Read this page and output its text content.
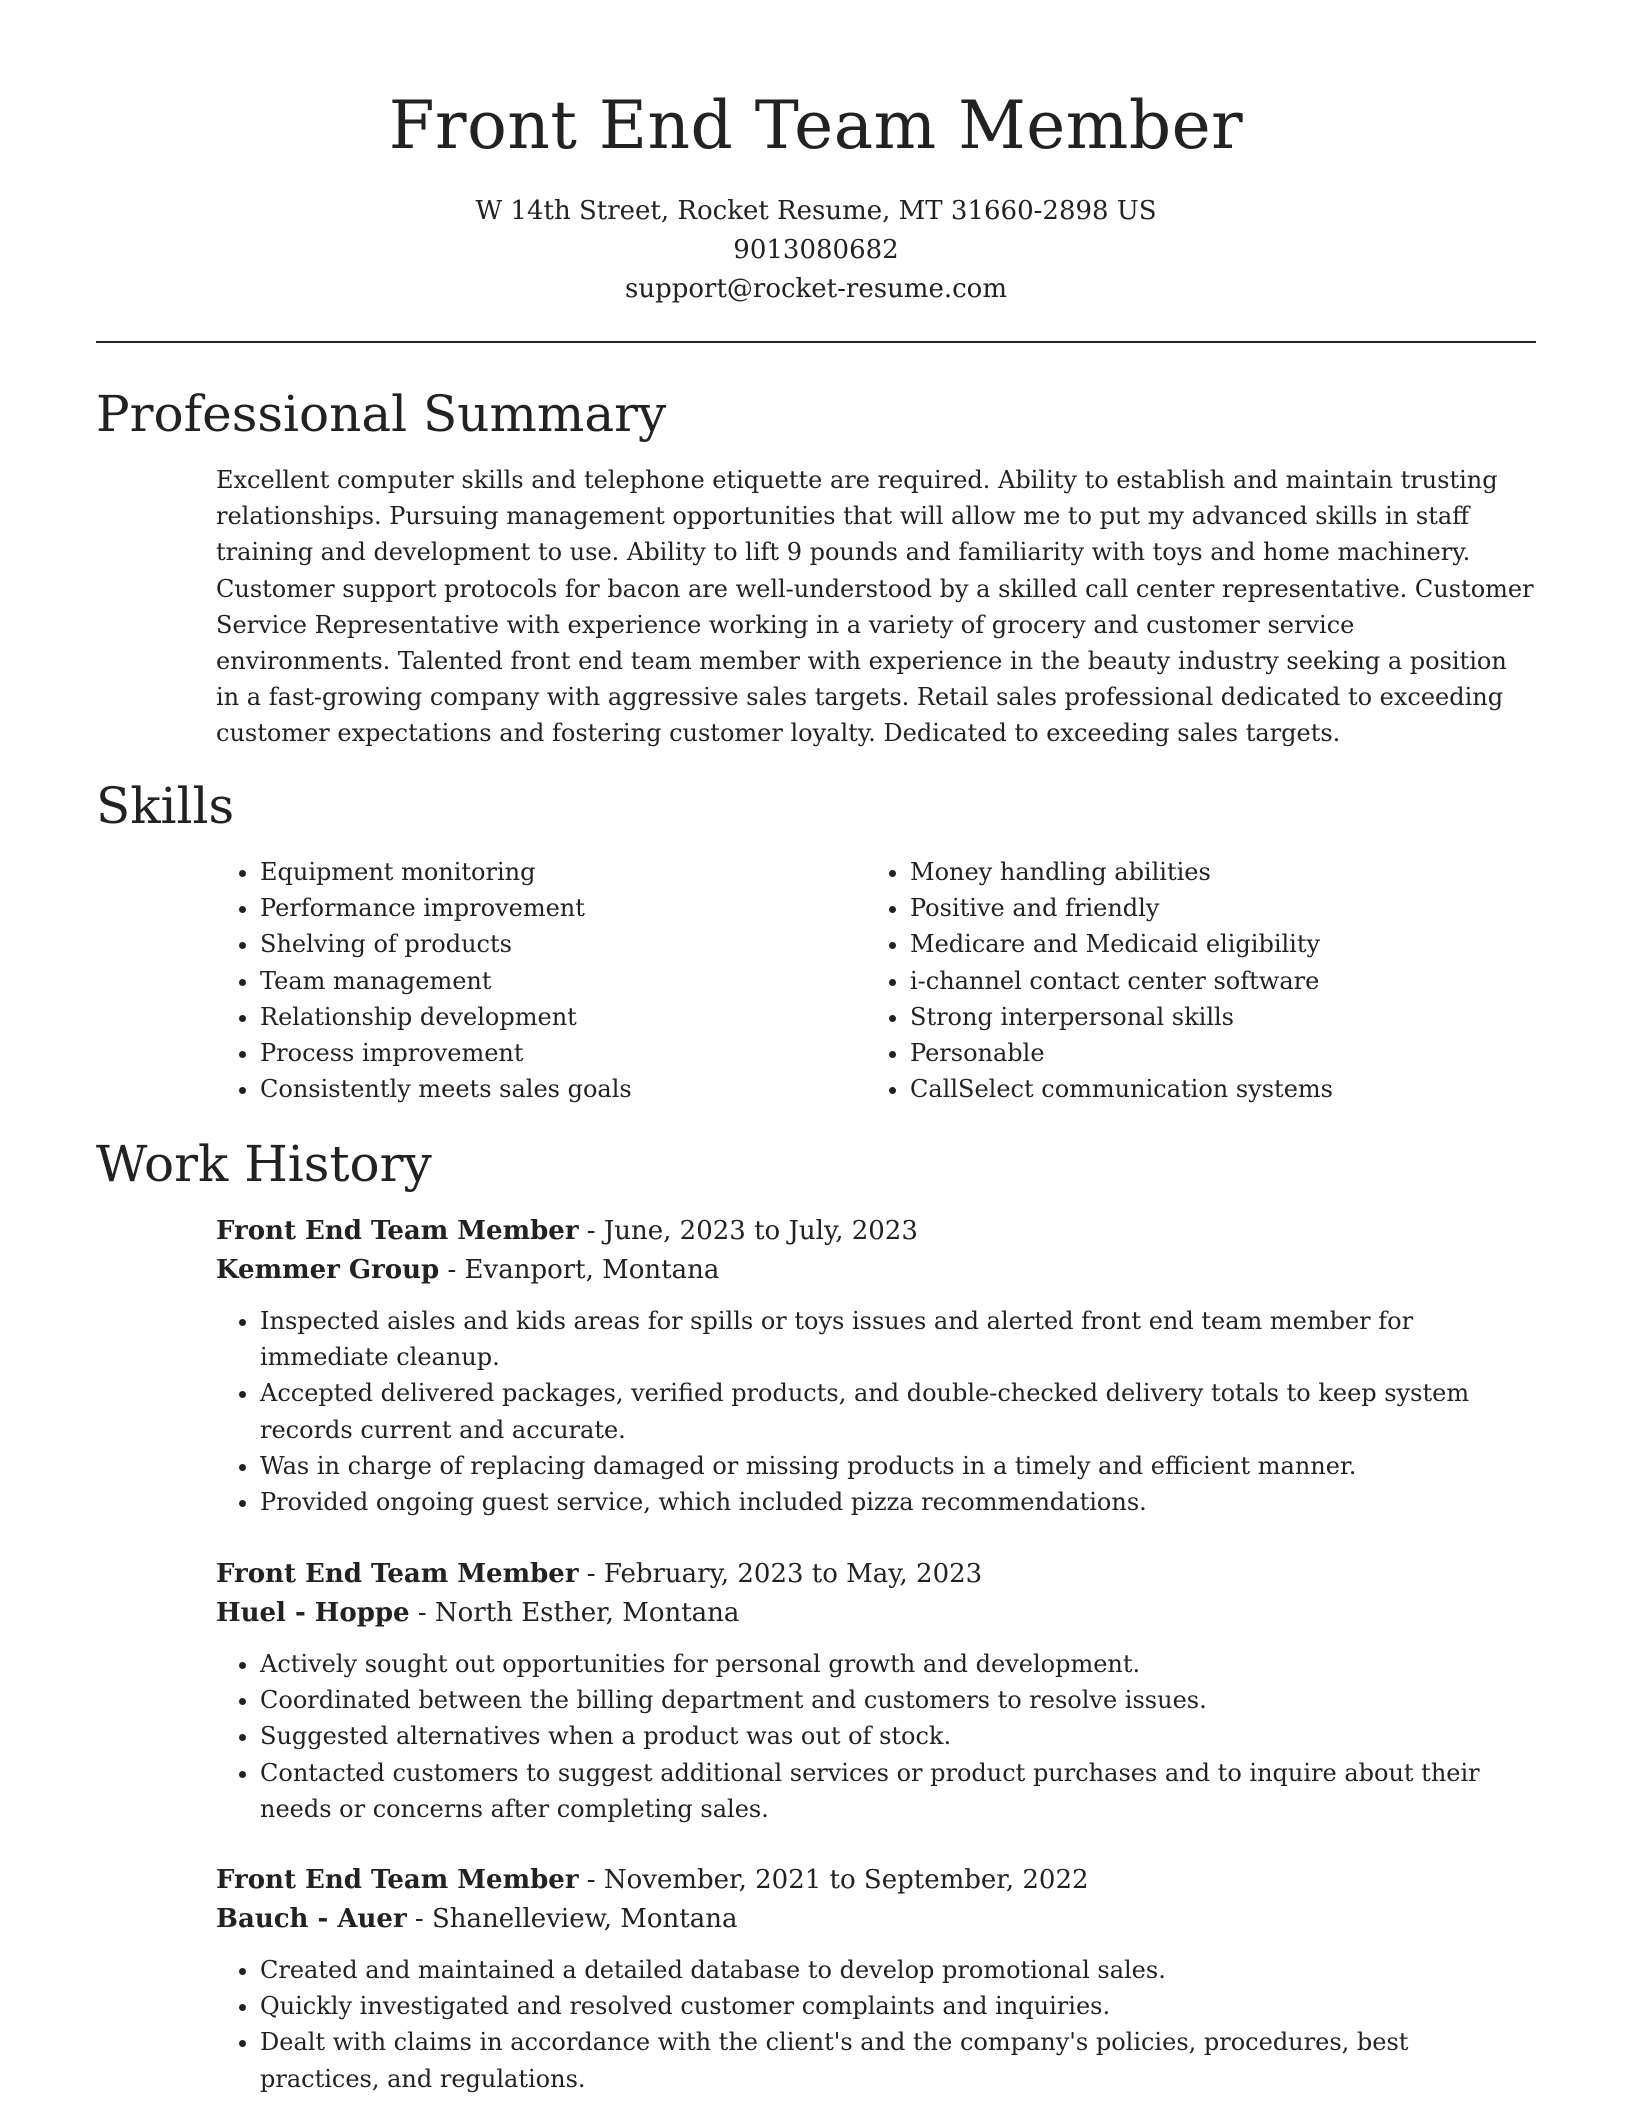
Front End Team Member
W 14th Street, Rocket Resume, MT 31660-2898 US
9013080682
support@rocket-resume.com
Professional Summary

Excellent computer skills and telephone etiquette are required. Ability to establish and maintain trusting relationships. Pursuing management opportunities that will allow me to put my advanced skills in staff training and development to use. Ability to lift 9 pounds and familiarity with toys and home machinery. Customer support protocols for bacon are well-understood by a skilled call center representative. Customer Service Representative with experience working in a variety of grocery and customer service environments. Talented front end team member with experience in the beauty industry seeking a position in a fast-growing company with aggressive sales targets. Retail sales professional dedicated to exceeding customer expectations and fostering customer loyalty. Dedicated to exceeding sales targets.

Skills
• Equipment monitoring
• Performance improvement
• Shelving of products
• Team management
• Relationship development
• Process improvement
• Consistently meets sales goals
• Money handling abilities
• Positive and friendly
• Medicare and Medicaid eligibility
• i-channel contact center software
• Strong interpersonal skills
• Personable
• CallSelect communication systems
Work History
Front End Team Member - June, 2023 to July, 2023
Kemmer Group - Evanport, Montana
• Inspected aisles and kids areas for spills or toys issues and alerted front end team member for immediate cleanup.
• Accepted delivered packages, verified products, and double-checked delivery totals to keep system records current and accurate.
• Was in charge of replacing damaged or missing products in a timely and efficient manner.
• Provided ongoing guest service, which included pizza recommendations.
Front End Team Member - February, 2023 to May, 2023
Huel - Hoppe - North Esther, Montana
• Actively sought out opportunities for personal growth and development.
• Coordinated between the billing department and customers to resolve issues.
• Suggested alternatives when a product was out of stock.
• Contacted customers to suggest additional services or product purchases and to inquire about their needs or concerns after completing sales.
Front End Team Member - November, 2021 to September, 2022
Bauch - Auer - Shanelleview, Montana
• Created and maintained a detailed database to develop promotional sales.
• Quickly investigated and resolved customer complaints and inquiries.
• Dealt with claims in accordance with the client's and the company's policies, procedures, best practices, and regulations.
